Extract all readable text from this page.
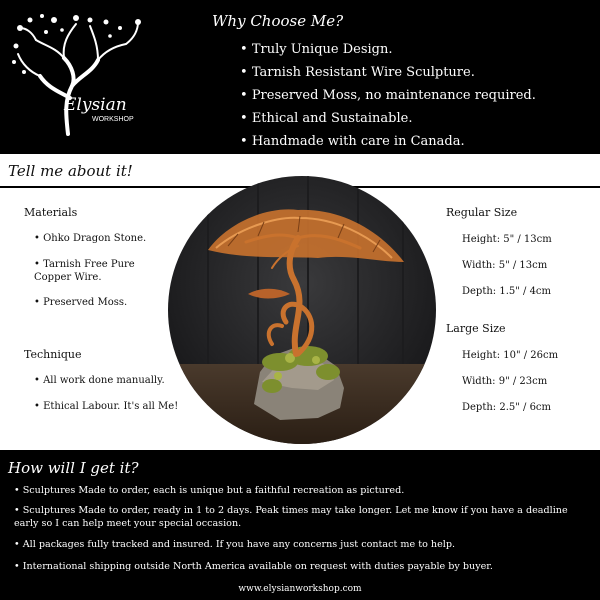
Elysian
WORKSHOP
Why Choose Me?
• Truly Unique Design.
• Tarnish Resistant Wire Sculpture.
• Preserved Moss, no maintenance required.
• Ethical and Sustainable.
• Handmade with care in Canada.
Tell me about it!
Materials
• Ohko Dragon Stone.
• Tarnish Free Pure Copper Wire.
• Preserved Moss.
Technique
• All work done manually.
• Ethical Labour. It's all Me!
Regular Size
Height: 5" / 13cm
Width: 5" / 13cm
Depth: 1.5" / 4cm
Large Size
Height: 10" / 26cm
Width: 9" / 23cm
Depth: 2.5" / 6cm
How will I get it?
• Sculptures Made to order, each is unique but a faithful recreation as pictured.
• Sculptures Made to order, ready in 1 to 2 days. Peak times may take longer. Let me know if you have a deadline early so I can help meet your special occasion.
• All packages fully tracked and insured. If you have any concerns just contact me to help.
• International shipping outside North America available on request with duties payable by buyer.
www.elysianworkshop.com
